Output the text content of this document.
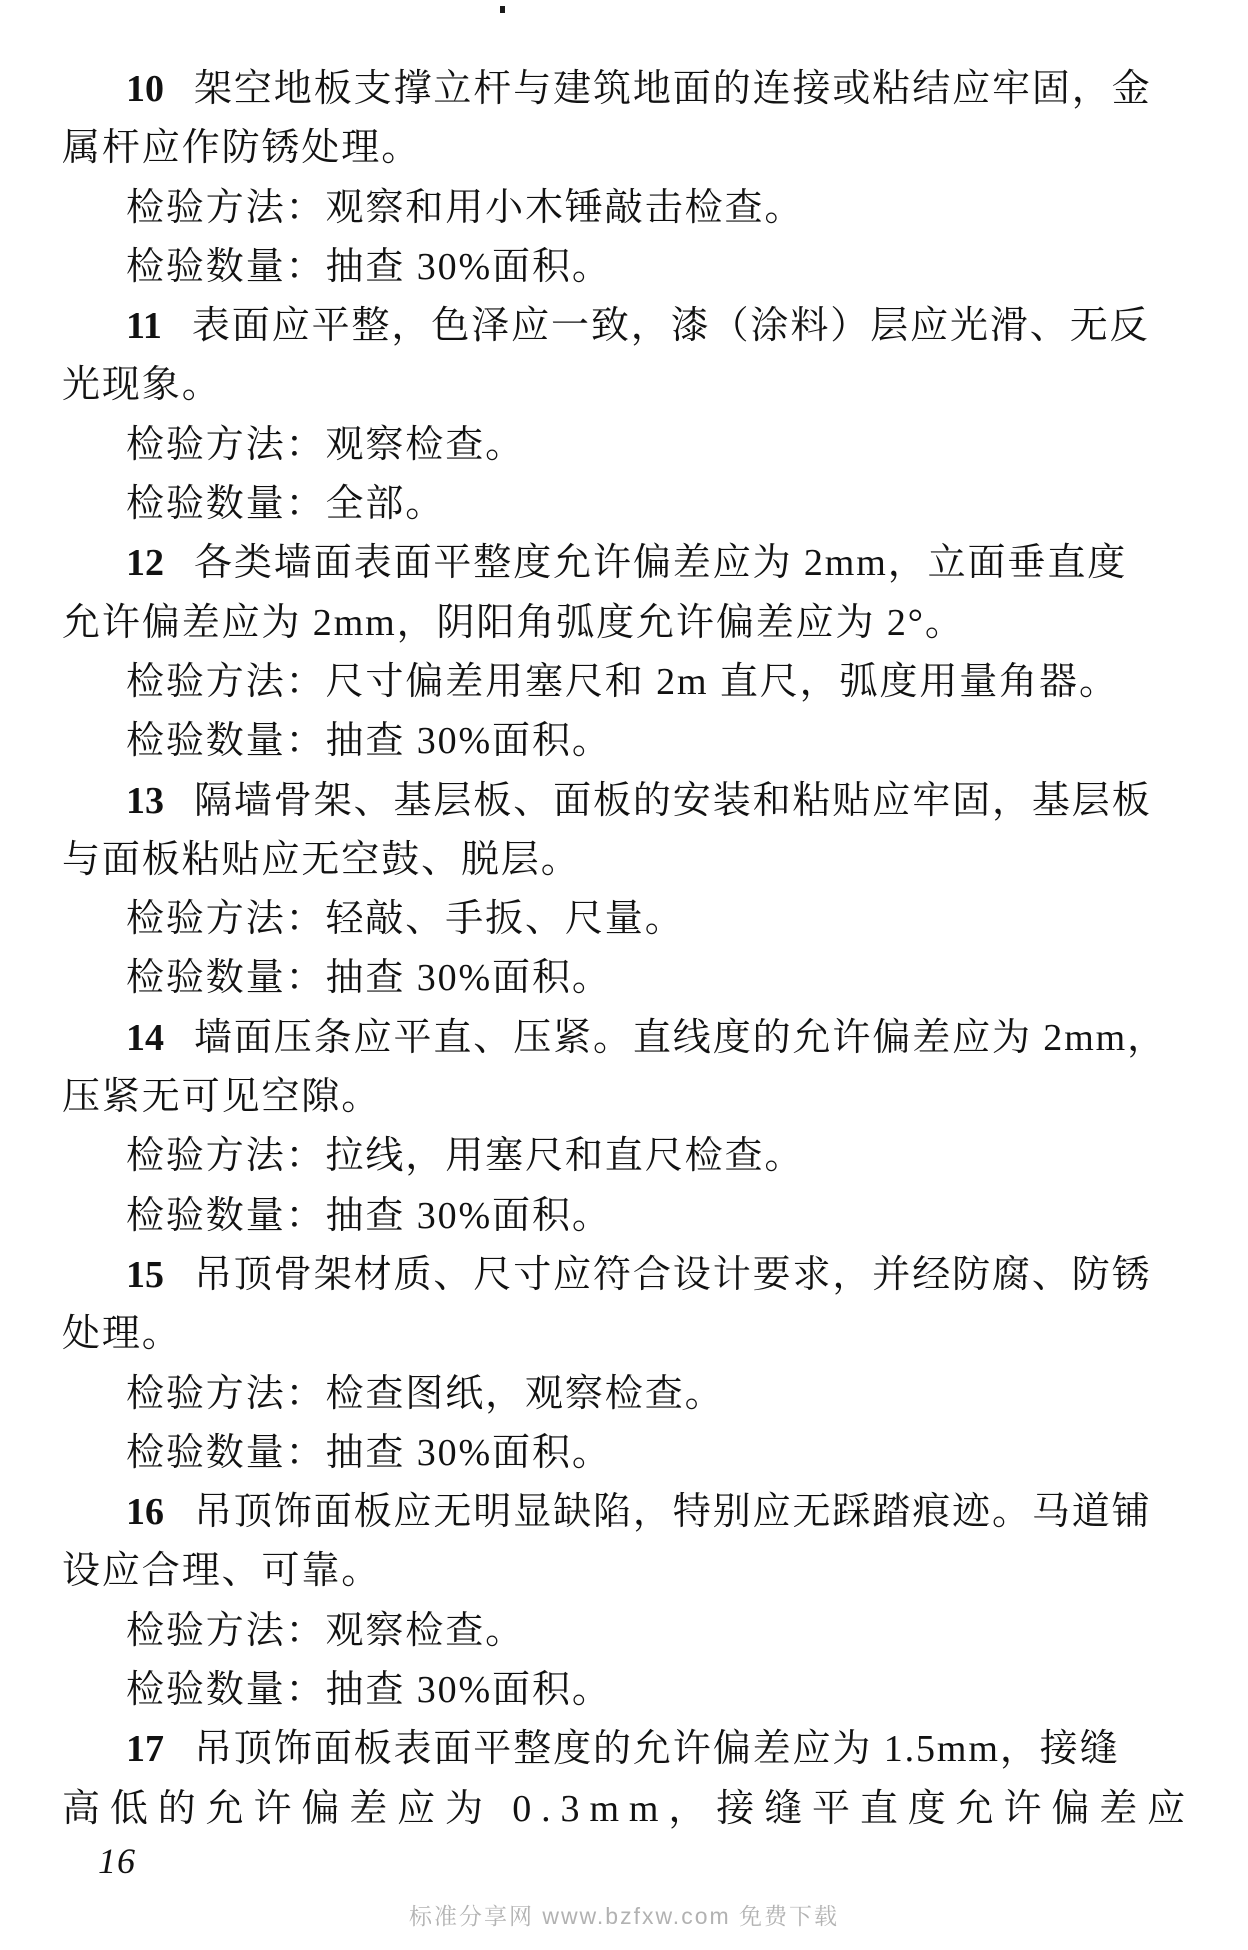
10 架空地板支撑立杆与建筑地面的连接或粘结应牢固，金
属杆应作防锈处理。
检验方法：观察和用小木锤敲击检查。
检验数量：抽查 30%面积。
11 表面应平整，色泽应一致，漆（涂料）层应光滑、无反
光现象。
检验方法：观察检查。
检验数量：全部。
12 各类墙面表面平整度允许偏差应为 2mm，立面垂直度
允许偏差应为 2mm，阴阳角弧度允许偏差应为 2°。
检验方法：尺寸偏差用塞尺和 2m 直尺，弧度用量角器。
检验数量：抽查 30%面积。
13 隔墙骨架、基层板、面板的安装和粘贴应牢固，基层板
与面板粘贴应无空鼓、脱层。
检验方法：轻敲、手扳、尺量。
检验数量：抽查 30%面积。
14 墙面压条应平直、压紧。直线度的允许偏差应为 2mm，
压紧无可见空隙。
检验方法：拉线，用塞尺和直尺检查。
检验数量：抽查 30%面积。
15 吊顶骨架材质、尺寸应符合设计要求，并经防腐、防锈
处理。
检验方法：检查图纸，观察检查。
检验数量：抽查 30%面积。
16 吊顶饰面板应无明显缺陷，特别应无踩踏痕迹。马道铺
设应合理、可靠。
检验方法：观察检查。
检验数量：抽查 30%面积。
17 吊顶饰面板表面平整度的允许偏差应为 1.5mm，接缝
高低的允许偏差应为 0.3mm，接缝平直度允许偏差应
16
标准分享网 www.bzfxw.com 免费下载
